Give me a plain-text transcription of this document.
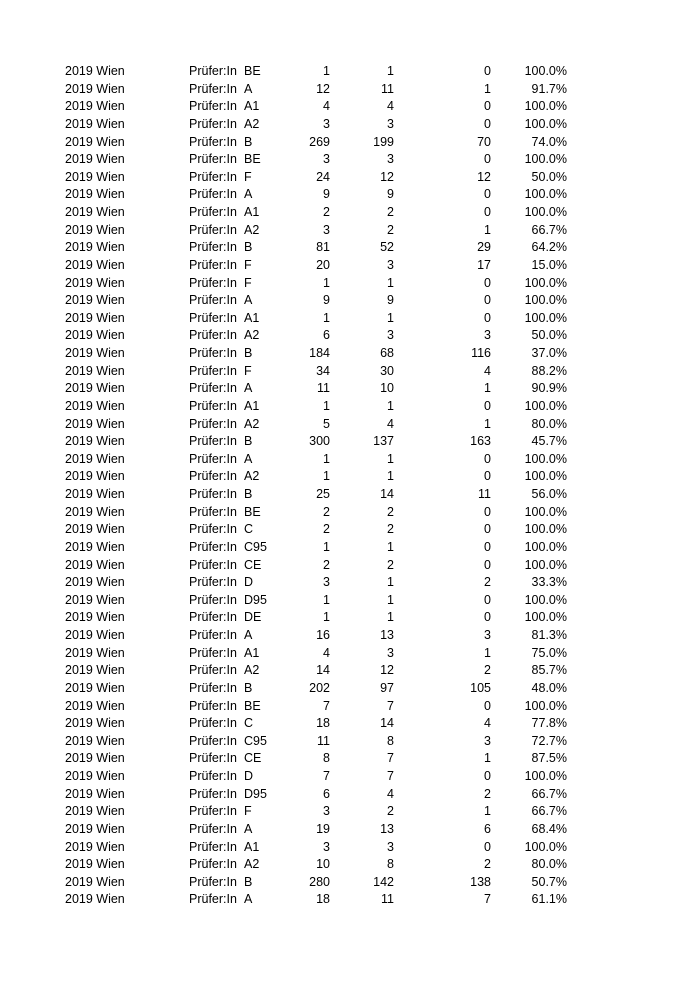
2019 Wien	Prüfer:In BE	1	1	0	100.0%
2019 Wien	Prüfer:In A	12	11	1	91.7%
2019 Wien	Prüfer:In A1	4	4	0	100.0%
2019 Wien	Prüfer:In A2	3	3	0	100.0%
2019 Wien	Prüfer:In B	269	199	70	74.0%
2019 Wien	Prüfer:In BE	3	3	0	100.0%
2019 Wien	Prüfer:In F	24	12	12	50.0%
2019 Wien	Prüfer:In A	9	9	0	100.0%
2019 Wien	Prüfer:In A1	2	2	0	100.0%
2019 Wien	Prüfer:In A2	3	2	1	66.7%
2019 Wien	Prüfer:In B	81	52	29	64.2%
2019 Wien	Prüfer:In F	20	3	17	15.0%
2019 Wien	Prüfer:In F	1	1	0	100.0%
2019 Wien	Prüfer:In A	9	9	0	100.0%
2019 Wien	Prüfer:In A1	1	1	0	100.0%
2019 Wien	Prüfer:In A2	6	3	3	50.0%
2019 Wien	Prüfer:In B	184	68	116	37.0%
2019 Wien	Prüfer:In F	34	30	4	88.2%
2019 Wien	Prüfer:In A	11	10	1	90.9%
2019 Wien	Prüfer:In A1	1	1	0	100.0%
2019 Wien	Prüfer:In A2	5	4	1	80.0%
2019 Wien	Prüfer:In B	300	137	163	45.7%
2019 Wien	Prüfer:In A	1	1	0	100.0%
2019 Wien	Prüfer:In A2	1	1	0	100.0%
2019 Wien	Prüfer:In B	25	14	11	56.0%
2019 Wien	Prüfer:In BE	2	2	0	100.0%
2019 Wien	Prüfer:In C	2	2	0	100.0%
2019 Wien	Prüfer:In C95	1	1	0	100.0%
2019 Wien	Prüfer:In CE	2	2	0	100.0%
2019 Wien	Prüfer:In D	3	1	2	33.3%
2019 Wien	Prüfer:In D95	1	1	0	100.0%
2019 Wien	Prüfer:In DE	1	1	0	100.0%
2019 Wien	Prüfer:In A	16	13	3	81.3%
2019 Wien	Prüfer:In A1	4	3	1	75.0%
2019 Wien	Prüfer:In A2	14	12	2	85.7%
2019 Wien	Prüfer:In B	202	97	105	48.0%
2019 Wien	Prüfer:In BE	7	7	0	100.0%
2019 Wien	Prüfer:In C	18	14	4	77.8%
2019 Wien	Prüfer:In C95	11	8	3	72.7%
2019 Wien	Prüfer:In CE	8	7	1	87.5%
2019 Wien	Prüfer:In D	7	7	0	100.0%
2019 Wien	Prüfer:In D95	6	4	2	66.7%
2019 Wien	Prüfer:In F	3	2	1	66.7%
2019 Wien	Prüfer:In A	19	13	6	68.4%
2019 Wien	Prüfer:In A1	3	3	0	100.0%
2019 Wien	Prüfer:In A2	10	8	2	80.0%
2019 Wien	Prüfer:In B	280	142	138	50.7%
2019 Wien	Prüfer:In A	18	11	7	61.1%
